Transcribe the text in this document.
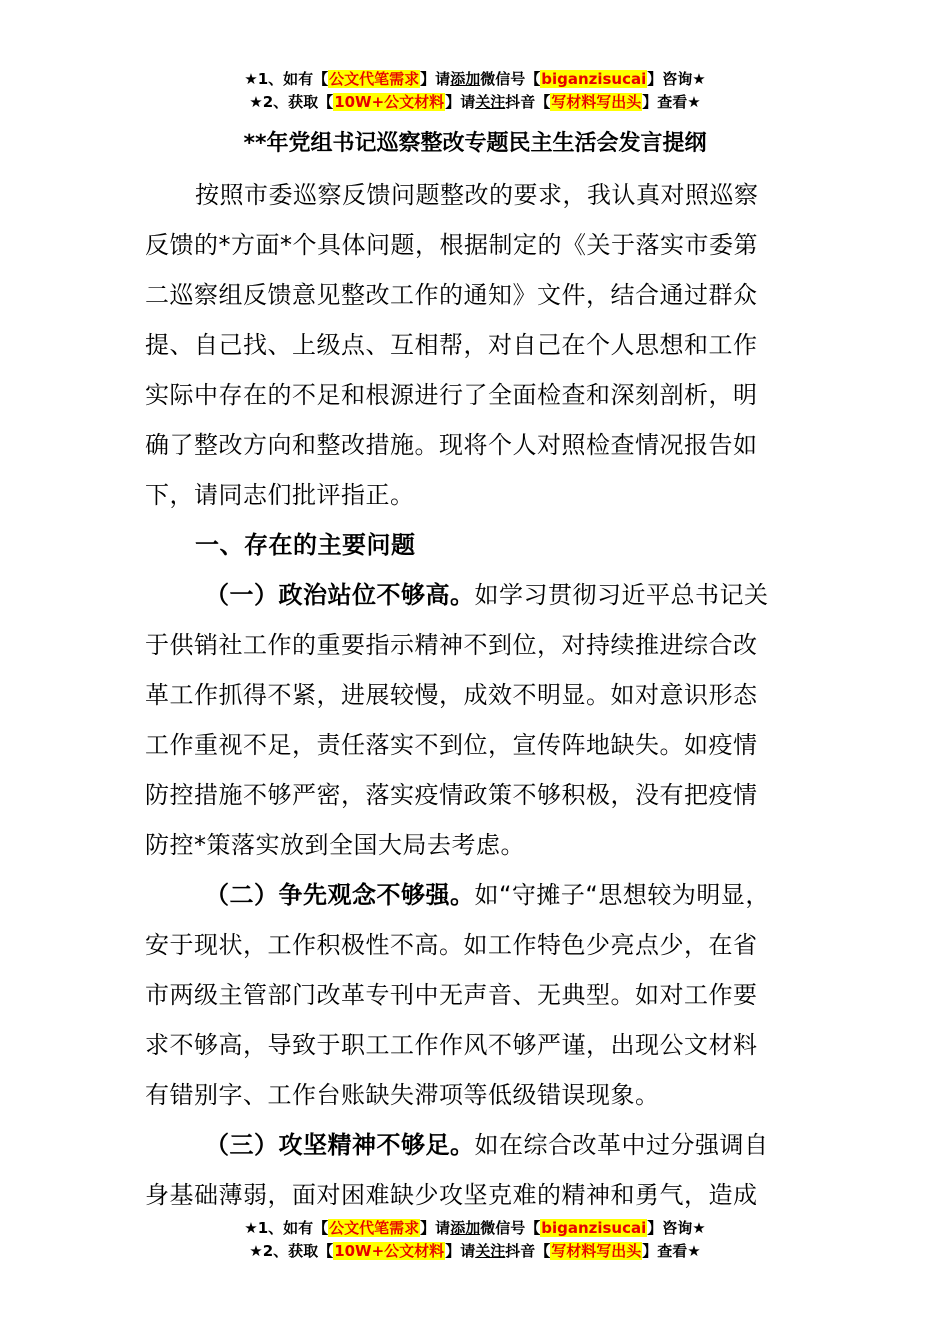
★1、如有【公文代笔需求】请添加微信号【biganzisucai】咨询★
★2、获取【10W+公文材料】请关注抖音【写材料写出头】查看★
**年党组书记巡察整改专题民主生活会发言提纲
按照市委巡察反馈问题整改的要求，我认真对照巡察
反馈的*方面*个具体问题，根据制定的《关于落实市委第
二巡察组反馈意见整改工作的通知》文件，结合通过群众
提、自己找、上级点、互相帮，对自己在个人思想和工作
实际中存在的不足和根源进行了全面检查和深刻剖析，明
确了整改方向和整改措施。现将个人对照检查情况报告如
下，请同志们批评指正。
一、存在的主要问题
（一）政治站位不够高。如学习贯彻习近平总书记关
于供销社工作的重要指示精神不到位，对持续推进综合改
革工作抓得不紧，进展较慢，成效不明显。如对意识形态
工作重视不足，责任落实不到位，宣传阵地缺失。如疫情
防控措施不够严密，落实疫情政策不够积极，没有把疫情
防控*策落实放到全国大局去考虑。
（二）争先观念不够强。如“守摊子“思想较为明显，
安于现状，工作积极性不高。如工作特色少亮点少，在省
市两级主管部门改革专刊中无声音、无典型。如对工作要
求不够高，导致于职工工作作风不够严谨，出现公文材料
有错别字、工作台账缺失滞项等低级错误现象。
（三）攻坚精神不够足。如在综合改革中过分强调自
身基础薄弱，面对困难缺少攻坚克难的精神和勇气，造成
★1、如有【公文代笔需求】请添加微信号【biganzisucai】咨询★
★2、获取【10W+公文材料】请关注抖音【写材料写出头】查看★
